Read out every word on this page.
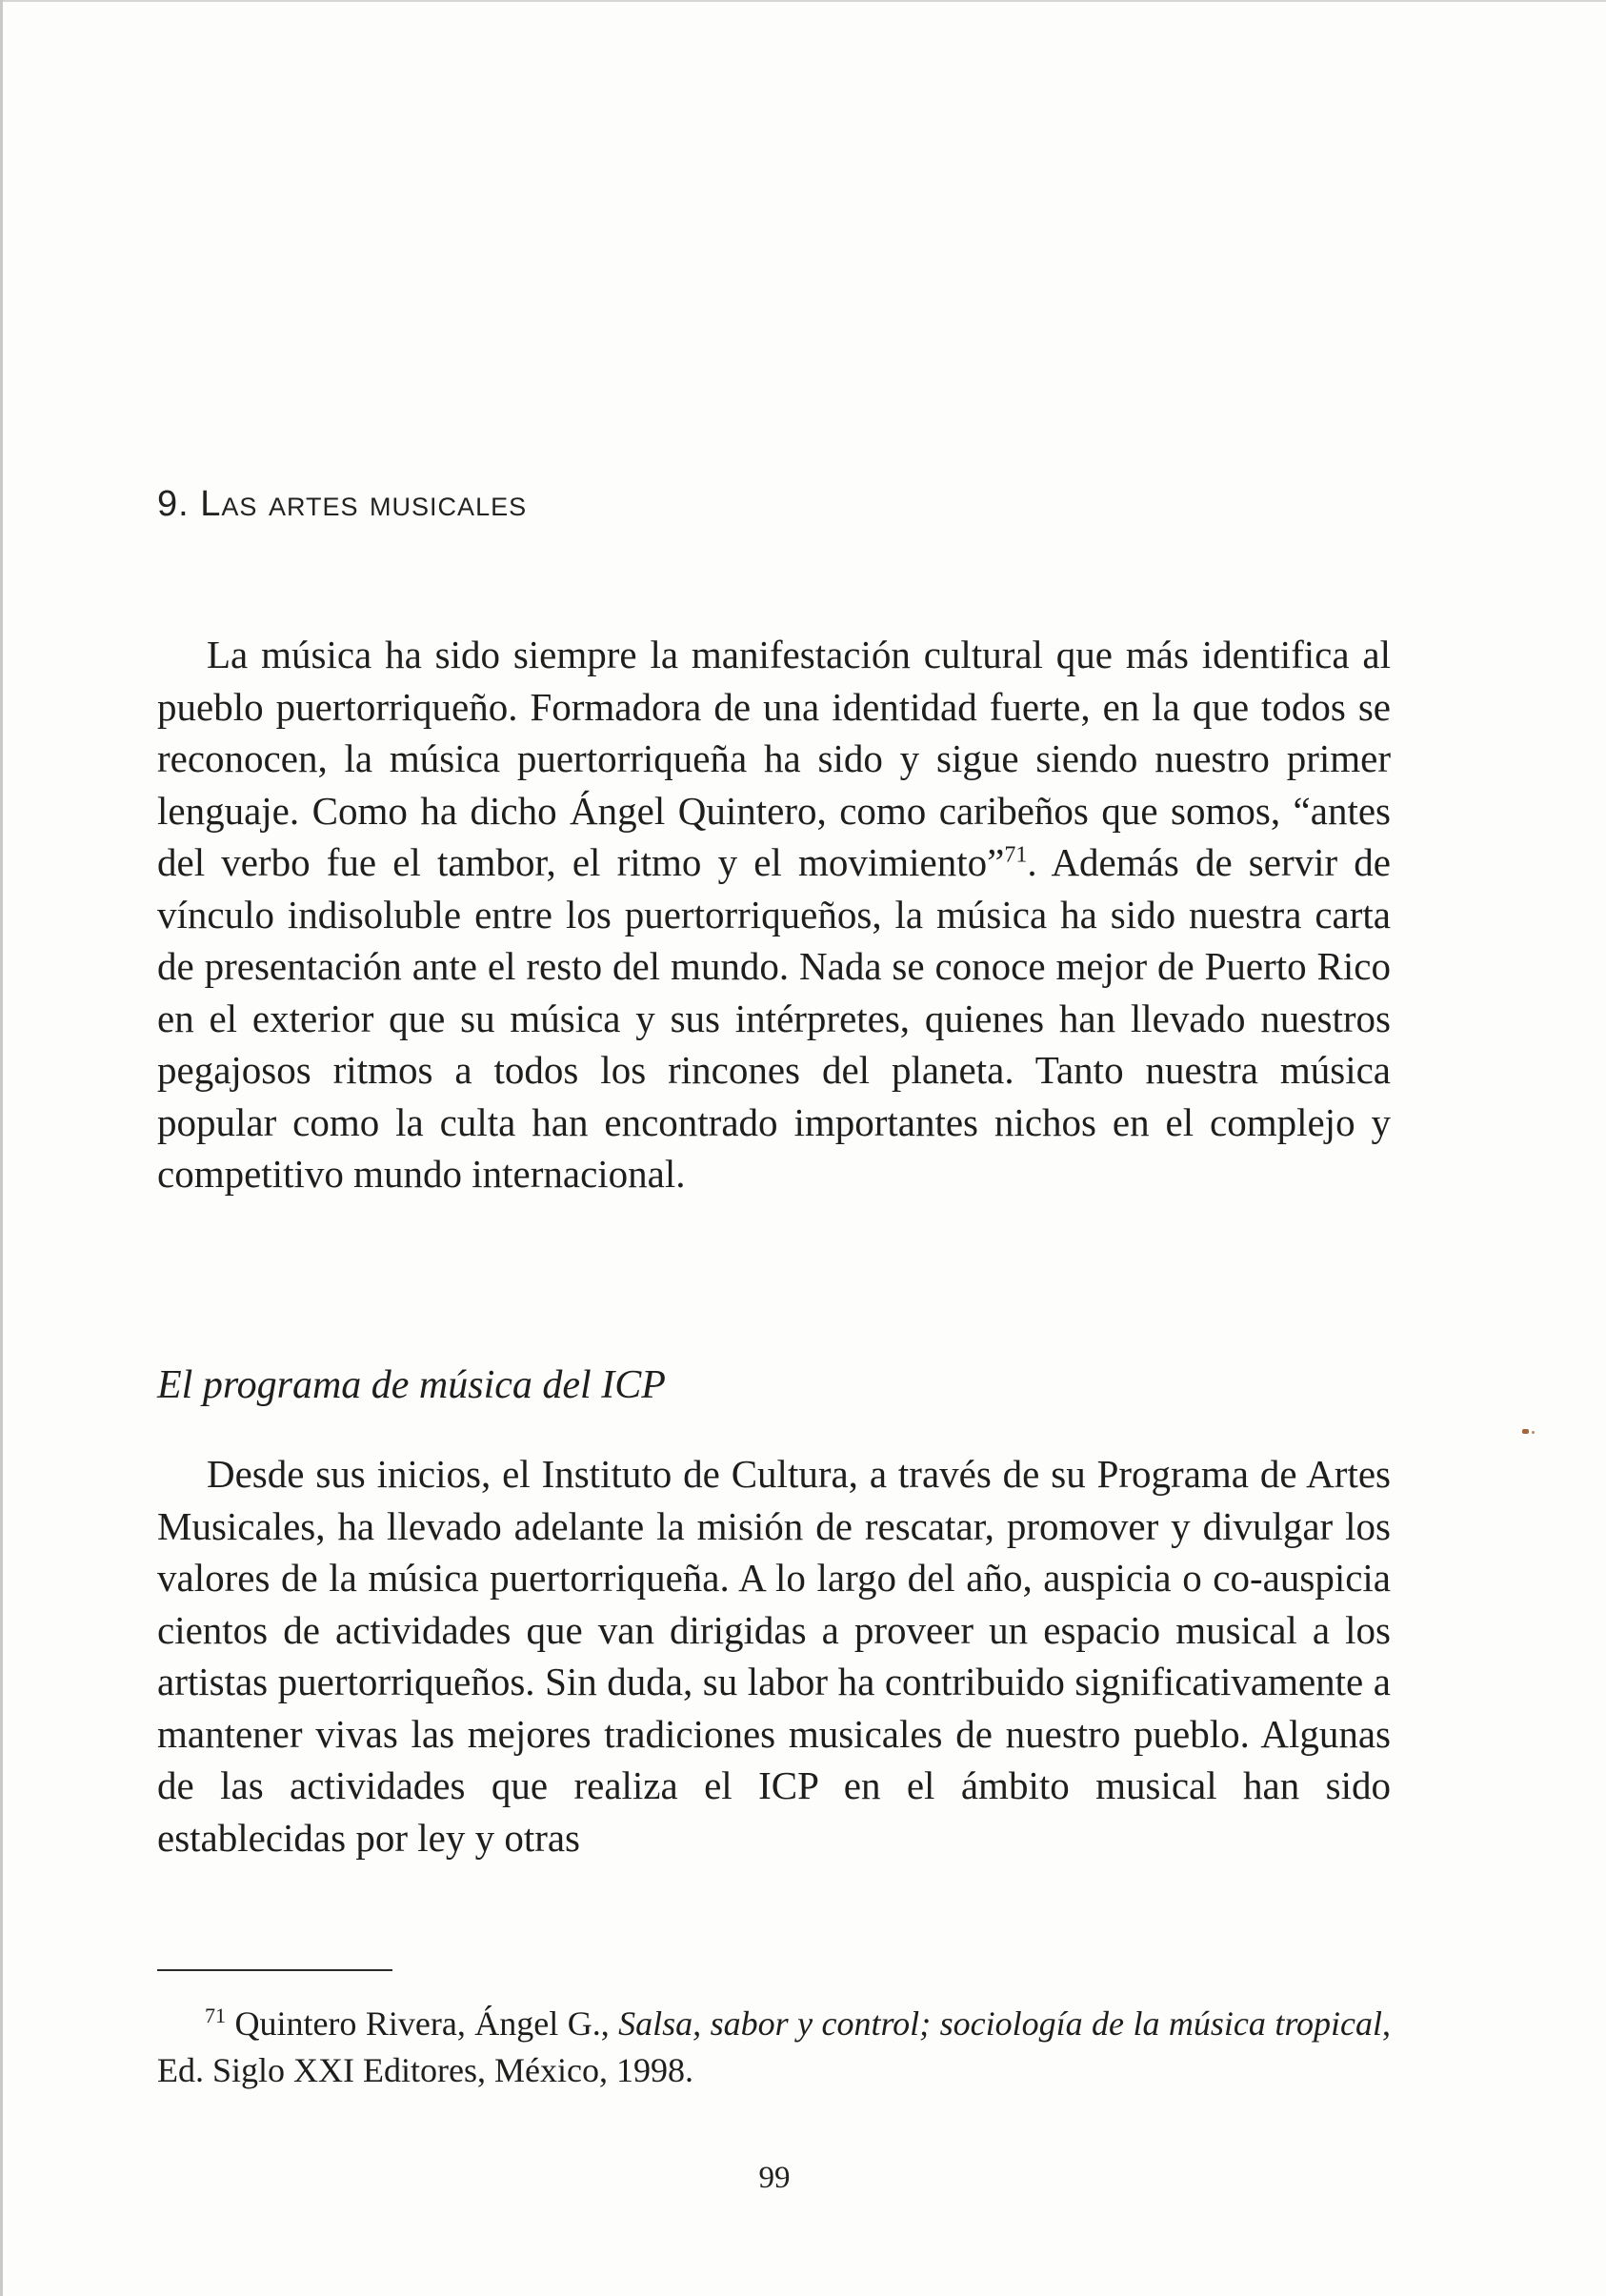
9. Las artes musicales

La música ha sido siempre la manifestación cultural que más identifica al pueblo puertorriqueño. Formadora de una identidad fuerte, en la que todos se reconocen, la música puertorriqueña ha sido y sigue siendo nuestro primer lenguaje. Como ha dicho Ángel Quintero, como caribeños que somos, “antes del verbo fue el tambor, el ritmo y el movimiento”$^{71}$. Además de servir de vínculo indisoluble entre los puertorriqueños, la música ha sido nuestra carta de presentación ante el resto del mundo. Nada se conoce mejor de Puerto Rico en el exterior que su música y sus intérpretes, quienes han llevado nuestros pegajosos ritmos a todos los rincones del planeta. Tanto nuestra música popular como la culta han encontrado importantes nichos en el complejo y competitivo mundo internacional.

El programa de música del ICP

Desde sus inicios, el Instituto de Cultura, a través de su Programa de Artes Musicales, ha llevado adelante la misión de rescatar, promover y divulgar los valores de la música puertorriqueña. A lo largo del año, auspicia o co-auspicia cientos de actividades que van dirigidas a proveer un espacio musical a los artistas puertorriqueños. Sin duda, su labor ha contribuido significativamente a mantener vivas las mejores tradiciones musicales de nuestro pueblo. Algunas de las actividades que realiza el ICP en el ámbito musical han sido establecidas por ley y otras

$^{71}$ Quintero Rivera, Ángel G., Salsa, sabor y control; sociología de la música tropical, Ed. Siglo XXI Editores, México, 1998.

99
